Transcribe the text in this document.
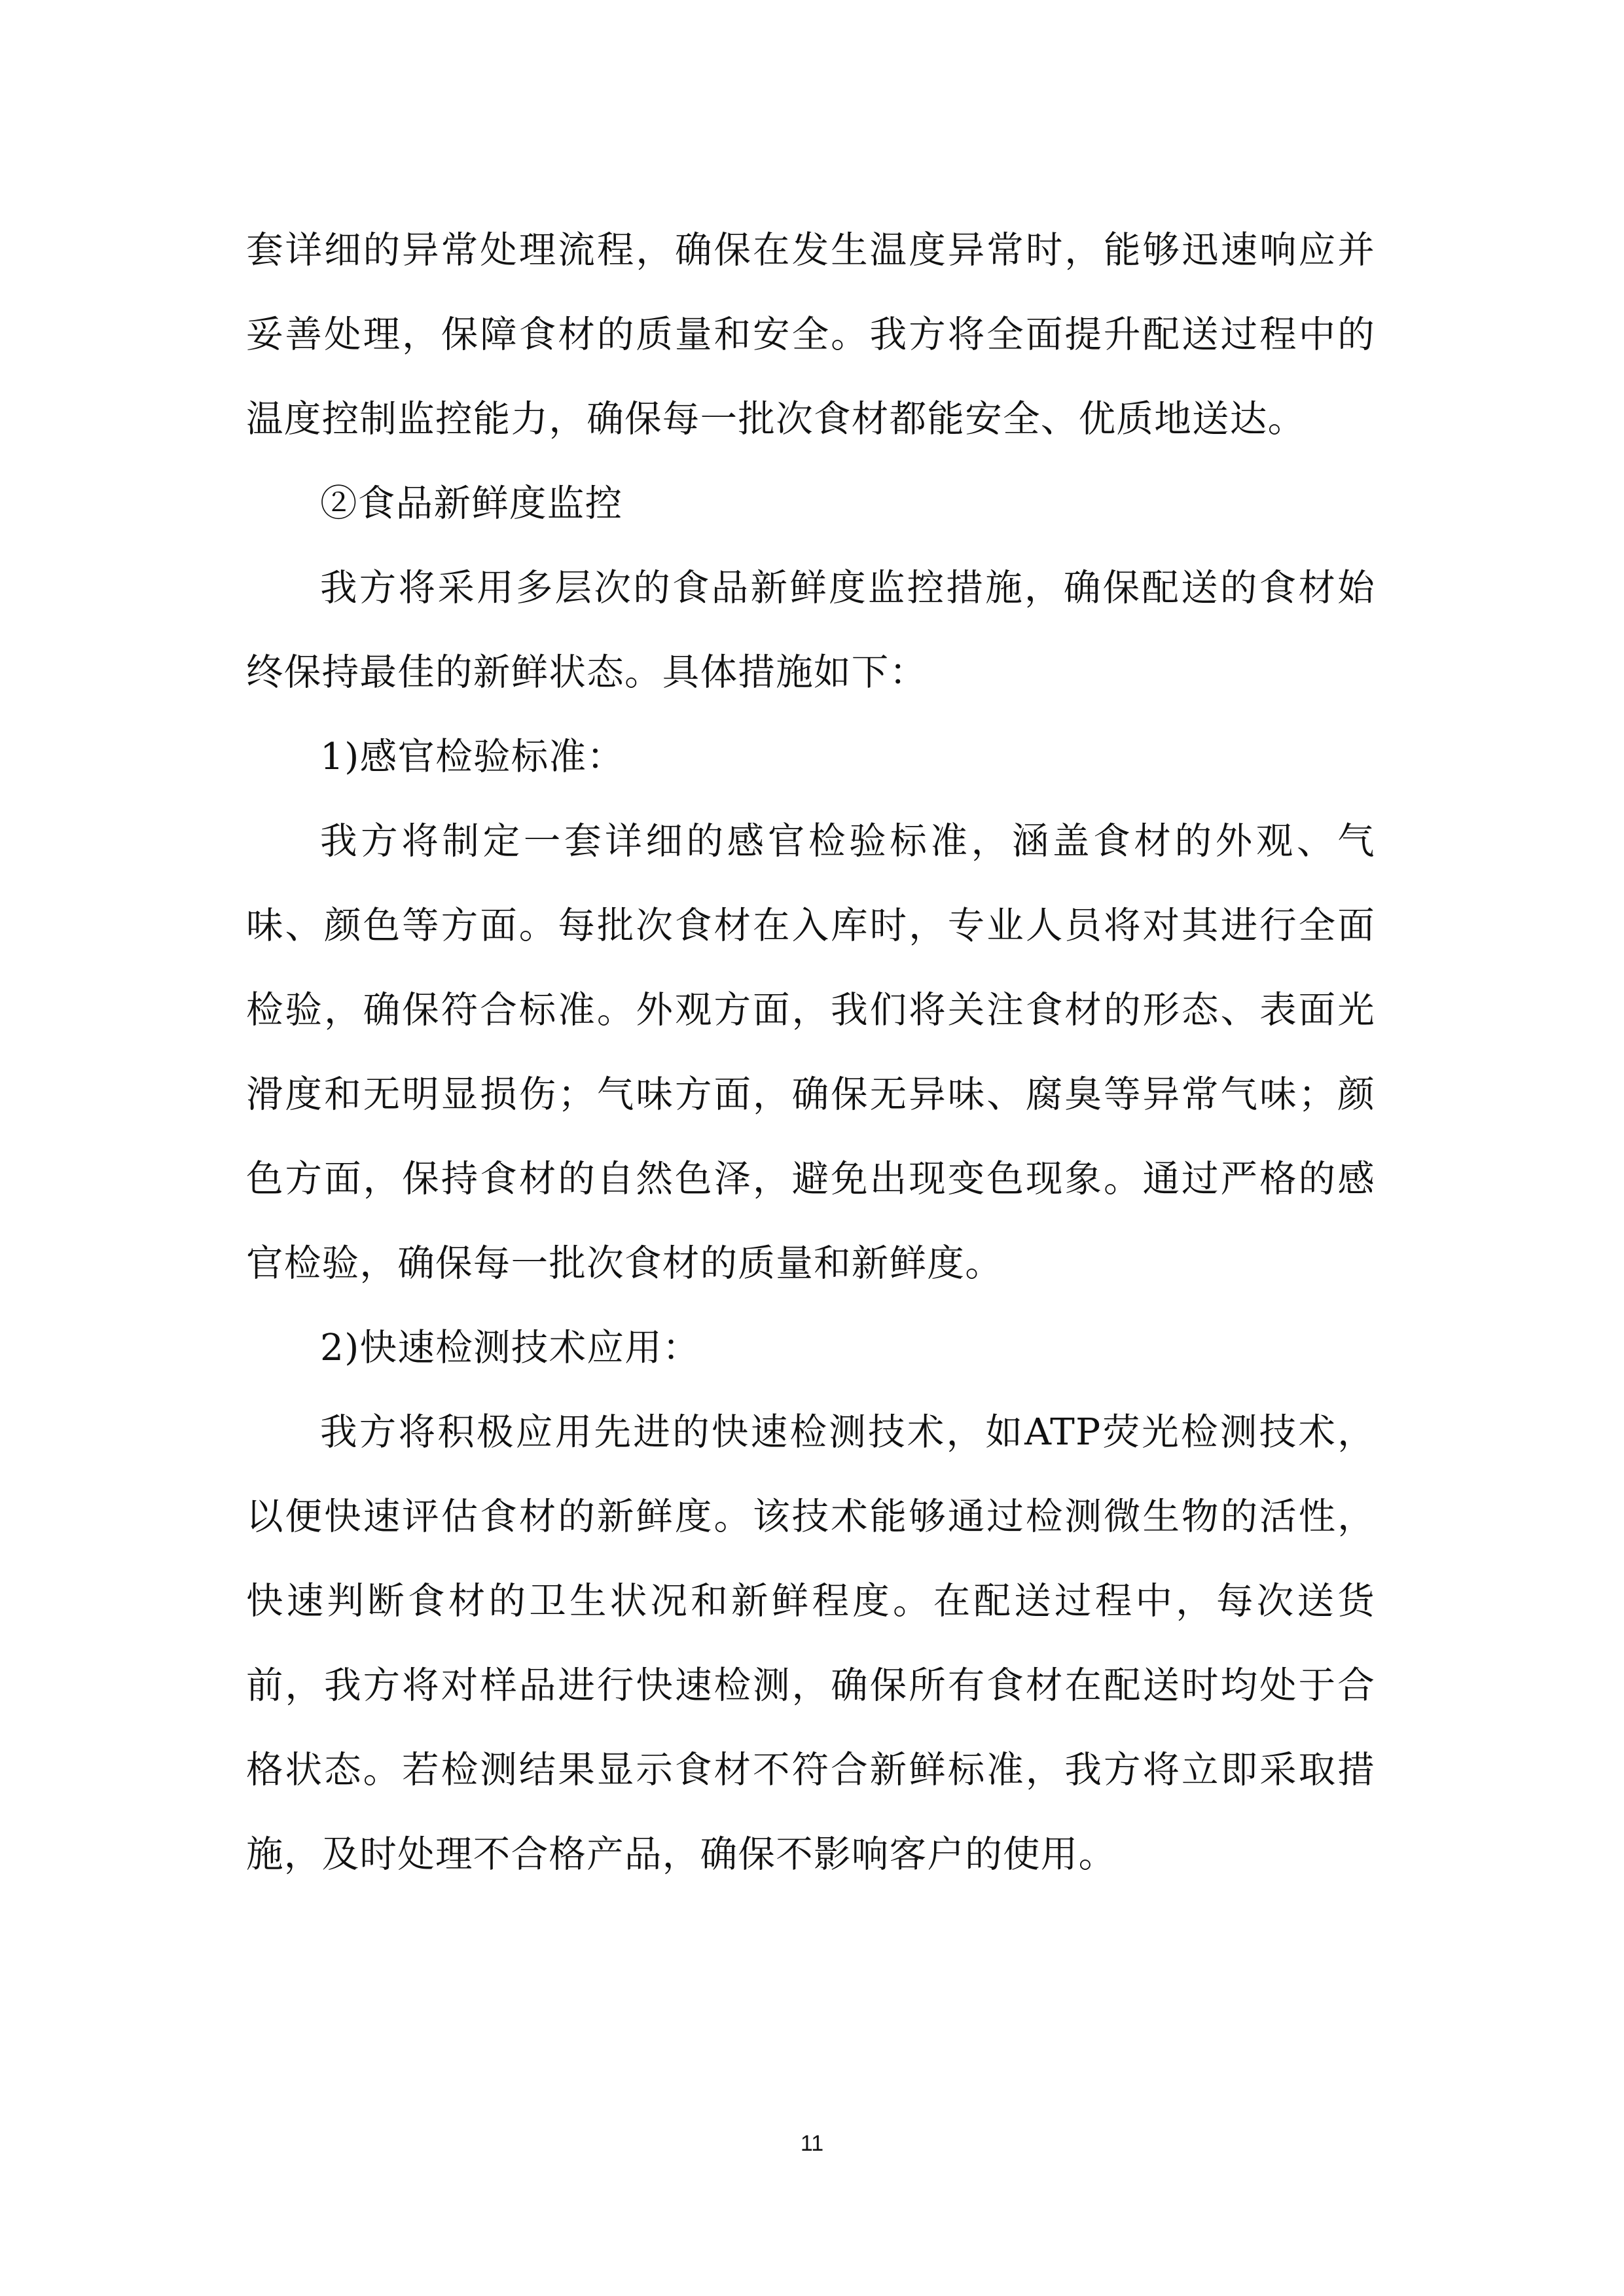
套详细的异常处理流程，确保在发生温度异常时，能够迅速响应并妥善处理，保障食材的质量和安全。我方将全面提升配送过程中的温度控制监控能力，确保每一批次食材都能安全、优质地送达。

②食品新鲜度监控

我方将采用多层次的食品新鲜度监控措施，确保配送的食材始终保持最佳的新鲜状态。具体措施如下：

1)感官检验标准：

我方将制定一套详细的感官检验标准，涵盖食材的外观、气味、颜色等方面。每批次食材在入库时，专业人员将对其进行全面检验，确保符合标准。外观方面，我们将关注食材的形态、表面光滑度和无明显损伤；气味方面，确保无异味、腐臭等异常气味；颜色方面，保持食材的自然色泽，避免出现变色现象。通过严格的感官检验，确保每一批次食材的质量和新鲜度。

2)快速检测技术应用：

我方将积极应用先进的快速检测技术，如ATP荧光检测技术，以便快速评估食材的新鲜度。该技术能够通过检测微生物的活性，快速判断食材的卫生状况和新鲜程度。在配送过程中，每次送货前，我方将对样品进行快速检测，确保所有食材在配送时均处于合格状态。若检测结果显示食材不符合新鲜标准，我方将立即采取措施，及时处理不合格产品，确保不影响客户的使用。

11
